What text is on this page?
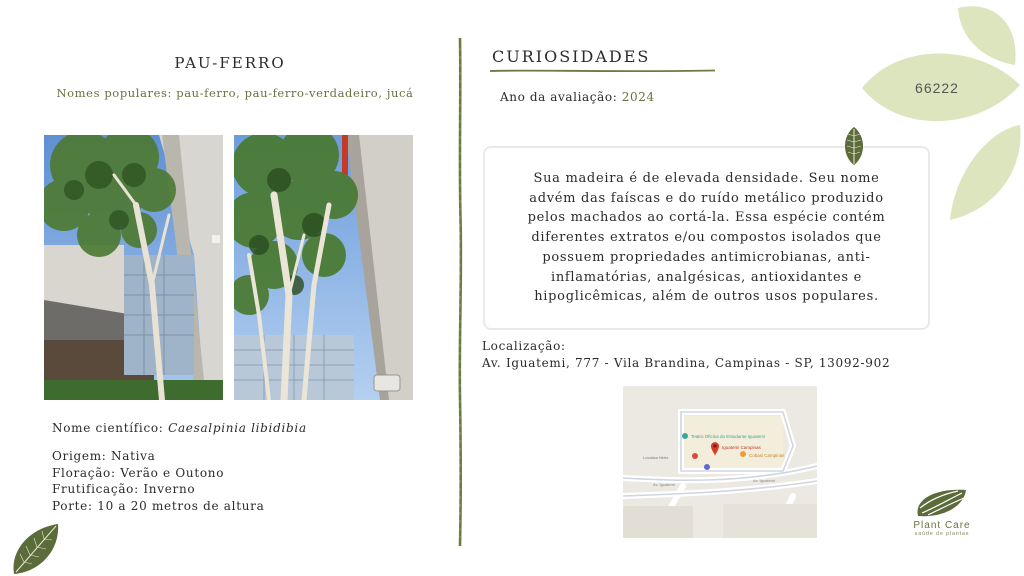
PAU-FERRO
Nomes populares: pau-ferro, pau-ferro-verdadeiro, jucá
Nome científico: Caesalpinia libidibia
Origem: Nativa
Floração: Verão e Outono
Frutificação: Inverno
Porte: 10 a 20 metros de altura
CURIOSIDADES
Ano da avaliação: 2024

Sua madeira é de elevada densidade. Seu nome advém das faíscas e do ruído metálico produzido pelos machados ao cortá-la. Essa espécie contém diferentes extratos e/ou compostos isolados que possuem propriedades antimicrobianas, anti-inflamatórias, analgésicas, antioxidantes e hipoglicêmicas, além de outros usos populares.

Localização:
Av. Iguatemi, 777 - Vila Brandina, Campinas - SP, 13092-902
Teatro Oficina do Estudante Iguatemi
Iguatemi Campinas
Localiza Hertz	Cobasi Campinas
Av. Iguatemi
Av. Iguatemi
66222
Plant Care
saúde de plantas
